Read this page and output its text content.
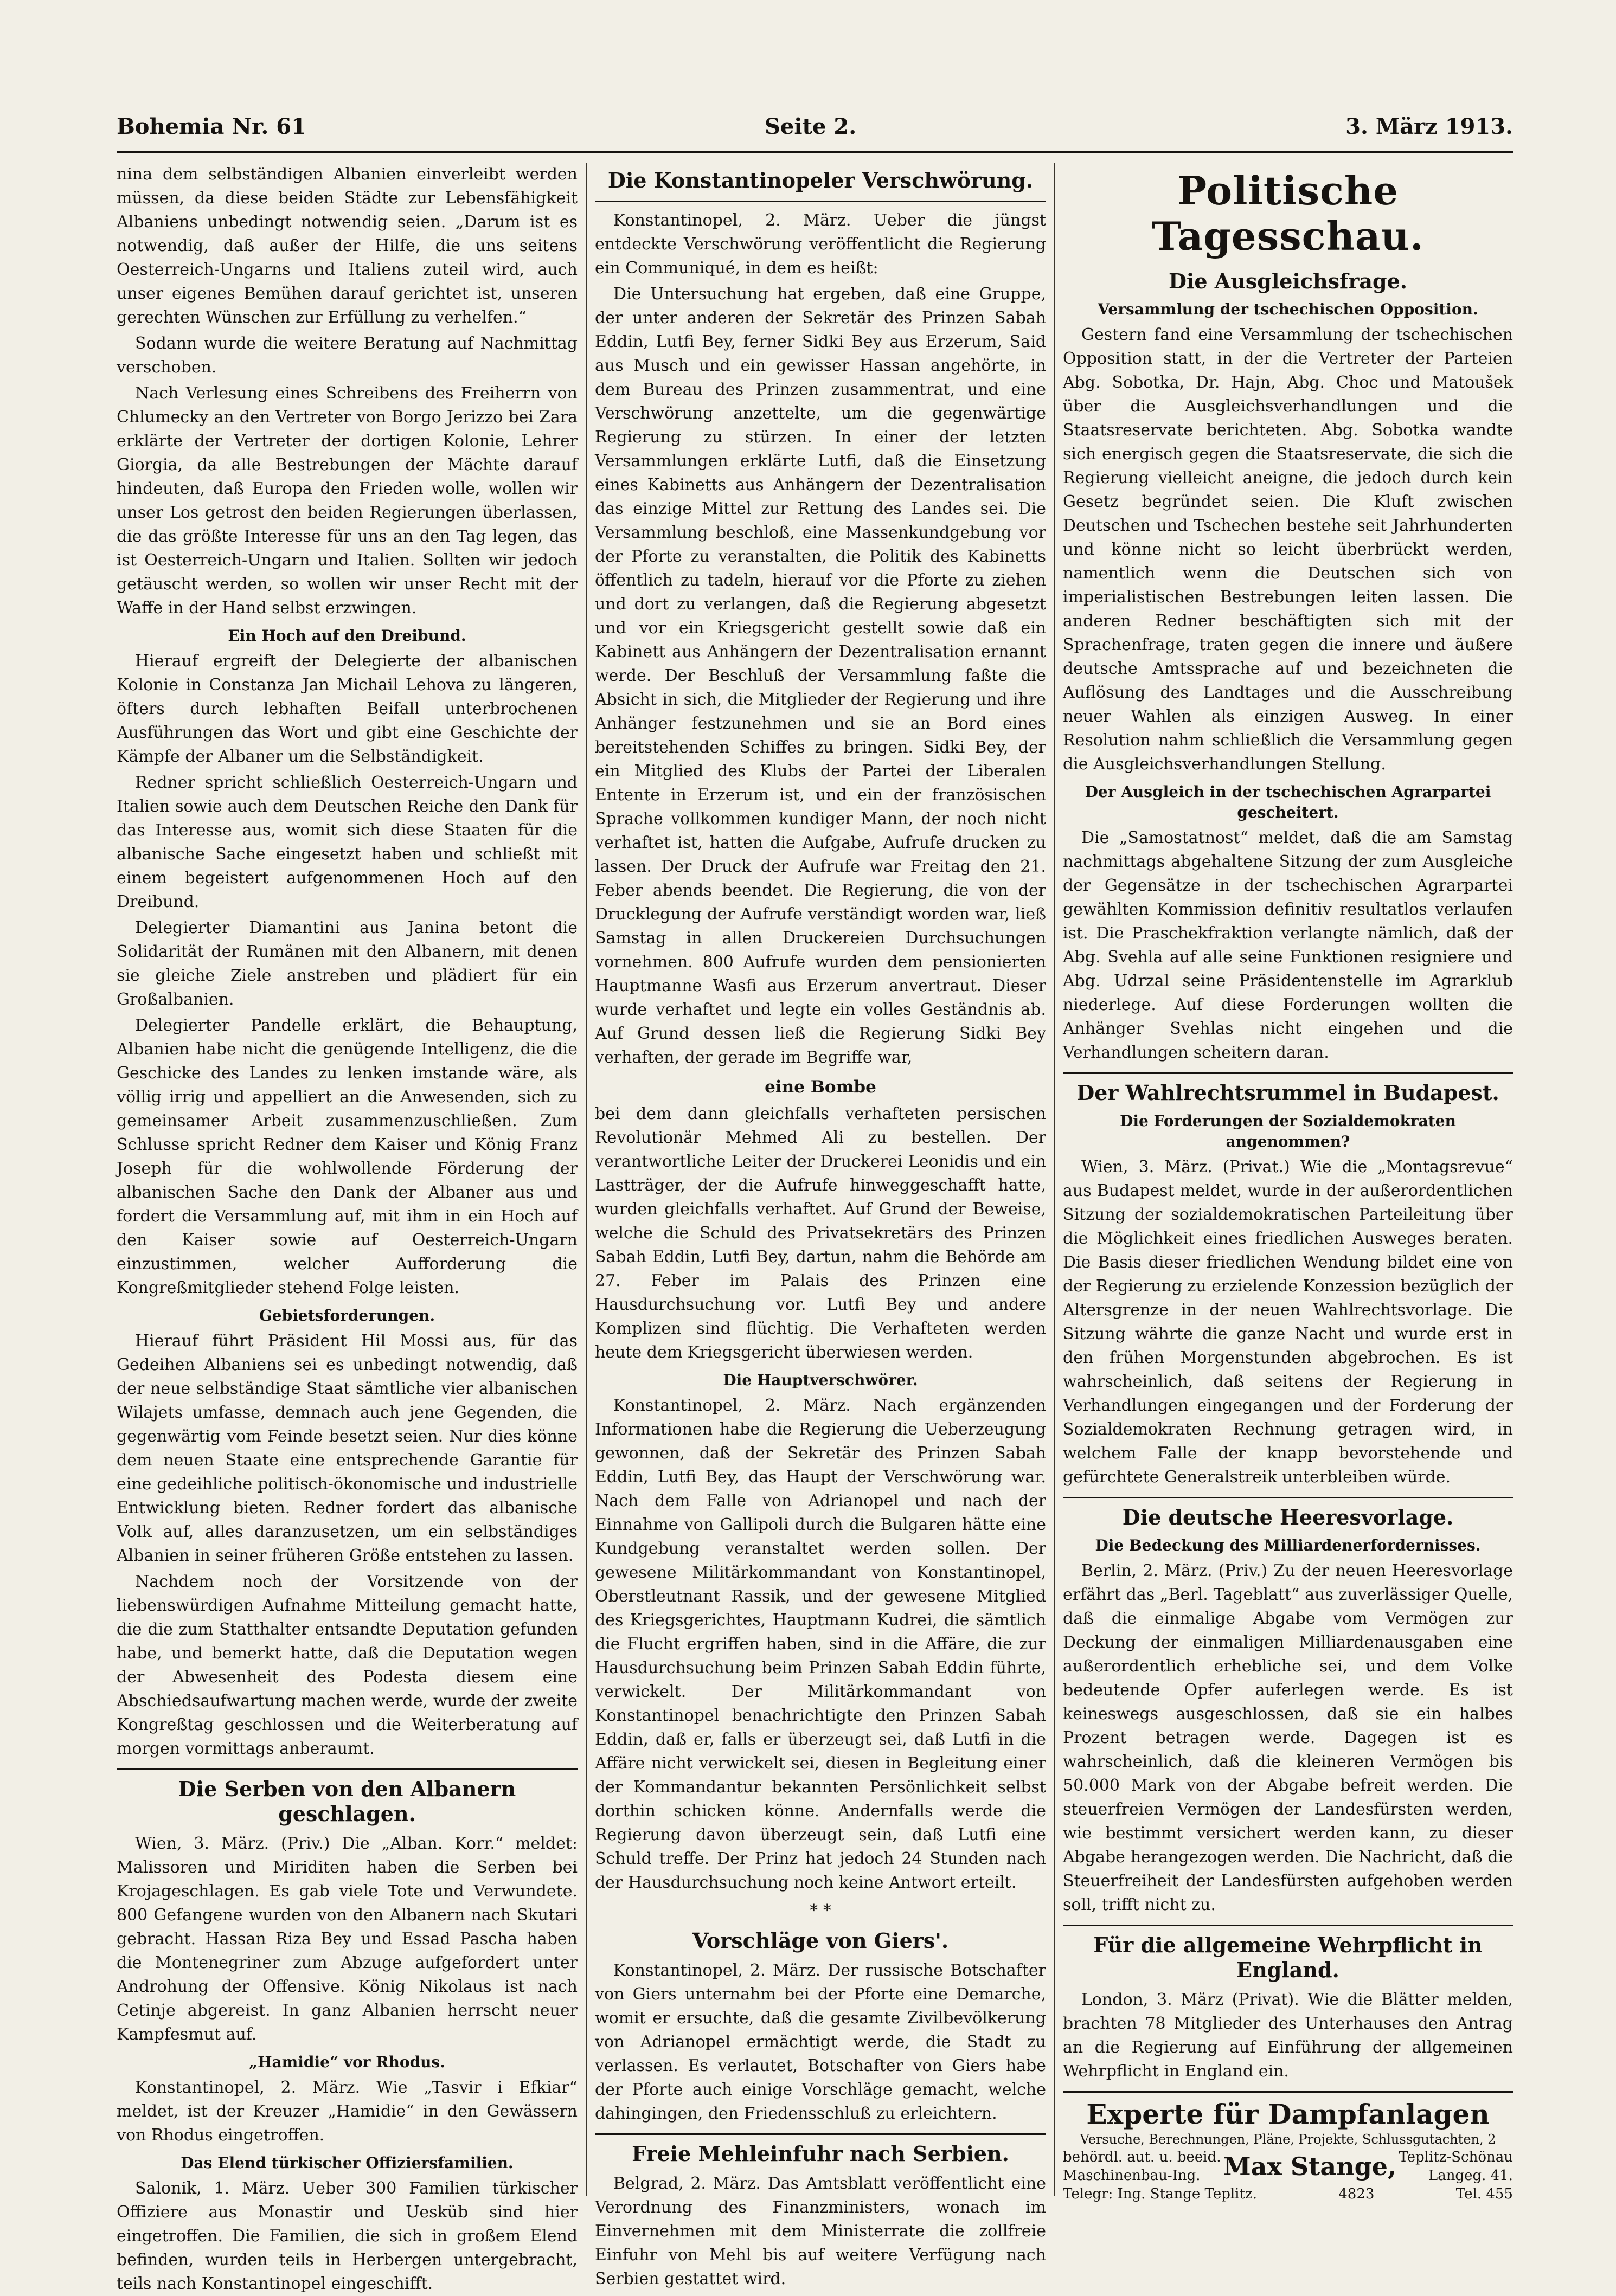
Bohemia Nr. 61	Seite 2.	3. März 1913.

nina dem selbständigen Albanien einverleibt werden müssen, da diese beiden Städte zur Lebensfähigkeit Albaniens unbedingt notwendig seien. „Darum ist es notwendig, daß außer der Hilfe, die uns seitens Oesterreich-Ungarns und Italiens zuteil wird, auch unser eigenes Bemühen darauf gerichtet ist, unseren gerechten Wünschen zur Erfüllung zu verhelfen.“

Sodann wurde die weitere Beratung auf Nachmittag verschoben.

Nach Verlesung eines Schreibens des Freiherrn von Chlumecky an den Vertreter von Borgo Jerizzo bei Zara erklärte der Vertreter der dortigen Kolonie, Lehrer Giorgia, da alle Bestrebungen der Mächte darauf hindeuten, daß Europa den Frieden wolle, wollen wir unser Los getrost den beiden Regierungen überlassen, die das größte Interesse für uns an den Tag legen, das ist Oesterreich-Ungarn und Italien. Sollten wir jedoch getäuscht werden, so wollen wir unser Recht mit der Waffe in der Hand selbst erzwingen.

Ein Hoch auf den Dreibund.

Hierauf ergreift der Delegierte der albanischen Kolonie in Constanza Jan Michail Lehova zu längeren, öfters durch lebhaften Beifall unterbrochenen Ausführungen das Wort und gibt eine Geschichte der Kämpfe der Albaner um die Selbständigkeit.

Redner spricht schließlich Oesterreich-Ungarn und Italien sowie auch dem Deutschen Reiche den Dank für das Interesse aus, womit sich diese Staaten für die albanische Sache eingesetzt haben und schließt mit einem begeistert aufgenommenen Hoch auf den Dreibund.

Delegierter Diamantini aus Janina betont die Solidarität der Rumänen mit den Albanern, mit denen sie gleiche Ziele anstreben und plädiert für ein Großalbanien.

Delegierter Pandelle erklärt, die Behauptung, Albanien habe nicht die genügende Intelligenz, die die Geschicke des Landes zu lenken imstande wäre, als völlig irrig und appelliert an die Anwesenden, sich zu gemeinsamer Arbeit zusammenzuschließen. Zum Schlusse spricht Redner dem Kaiser und König Franz Joseph für die wohlwollende Förderung der albanischen Sache den Dank der Albaner aus und fordert die Versammlung auf, mit ihm in ein Hoch auf den Kaiser sowie auf Oesterreich-Ungarn einzustimmen, welcher Aufforderung die Kongreßmitglieder stehend Folge leisten.

Gebietsforderungen.

Hierauf führt Präsident Hil Mossi aus, für das Gedeihen Albaniens sei es unbedingt notwendig, daß der neue selbständige Staat sämtliche vier albanischen Wilajets umfasse, demnach auch jene Gegenden, die gegenwärtig vom Feinde besetzt seien. Nur dies könne dem neuen Staate eine entsprechende Garantie für eine gedeihliche politisch-ökonomische und industrielle Entwicklung bieten. Redner fordert das albanische Volk auf, alles daranzusetzen, um ein selbständiges Albanien in seiner früheren Größe entstehen zu lassen.

Nachdem noch der Vorsitzende von der liebenswürdigen Aufnahme Mitteilung gemacht hatte, die die zum Statthalter entsandte Deputation gefunden habe, und bemerkt hatte, daß die Deputation wegen der Abwesenheit des Podesta diesem eine Abschiedsaufwartung machen werde, wurde der zweite Kongreßtag geschlossen und die Weiterberatung auf morgen vormittags anberaumt.

Die Serben von den Albanern geschlagen.

Wien, 3. März. (Priv.) Die „Alban. Korr.“ meldet: Malissoren und Miriditen haben die Serben bei Krojageschlagen. Es gab viele Tote und Verwundete. 800 Gefangene wurden von den Albanern nach Skutari gebracht. Hassan Riza Bey und Essad Pascha haben die Montenegriner zum Abzuge aufgefordert unter Androhung der Offensive. König Nikolaus ist nach Cetinje abgereist. In ganz Albanien herrscht neuer Kampfesmut auf.

„Hamidie“ vor Rhodus.

Konstantinopel, 2. März. Wie „Tasvir i Efkiar“ meldet, ist der Kreuzer „Hamidie“ in den Gewässern von Rhodus eingetroffen.

Das Elend türkischer Offiziersfamilien.

Salonik, 1. März. Ueber 300 Familien türkischer Offiziere aus Monastir und Uesküb sind hier eingetroffen. Die Familien, die sich in großem Elend befinden, wurden teils in Herbergen untergebracht, teils nach Konstantinopel eingeschifft.

Die Konstantinopeler Verschwörung.

Konstantinopel, 2. März. Ueber die jüngst entdeckte Verschwörung veröffentlicht die Regierung ein Communiqué, in dem es heißt:

Die Untersuchung hat ergeben, daß eine Gruppe, der unter anderen der Sekretär des Prinzen Sabah Eddin, Lutfi Bey, ferner Sidki Bey aus Erzerum, Said aus Musch und ein gewisser Hassan angehörte, in dem Bureau des Prinzen zusammentrat, und eine Verschwörung anzettelte, um die gegenwärtige Regierung zu stürzen. In einer der letzten Versammlungen erklärte Lutfi, daß die Einsetzung eines Kabinetts aus Anhängern der Dezentralisation das einzige Mittel zur Rettung des Landes sei. Die Versammlung beschloß, eine Massenkundgebung vor der Pforte zu veranstalten, die Politik des Kabinetts öffentlich zu tadeln, hierauf vor die Pforte zu ziehen und dort zu verlangen, daß die Regierung abgesetzt und vor ein Kriegsgericht gestellt sowie daß ein Kabinett aus Anhängern der Dezentralisation ernannt werde. Der Beschluß der Versammlung faßte die Absicht in sich, die Mitglieder der Regierung und ihre Anhänger festzunehmen und sie an Bord eines bereitstehenden Schiffes zu bringen. Sidki Bey, der ein Mitglied des Klubs der Partei der Liberalen Entente in Erzerum ist, und ein der französischen Sprache vollkommen kundiger Mann, der noch nicht verhaftet ist, hatten die Aufgabe, Aufrufe drucken zu lassen. Der Druck der Aufrufe war Freitag den 21. Feber abends beendet. Die Regierung, die von der Drucklegung der Aufrufe verständigt worden war, ließ Samstag in allen Druckereien Durchsuchungen vornehmen. 800 Aufrufe wurden dem pensionierten Hauptmanne Wasfi aus Erzerum anvertraut. Dieser wurde verhaftet und legte ein volles Geständnis ab. Auf Grund dessen ließ die Regierung Sidki Bey verhaften, der gerade im Begriffe war,

eine Bombe

bei dem dann gleichfalls verhafteten persischen Revolutionär Mehmed Ali zu bestellen. Der verantwortliche Leiter der Druckerei Leonidis und ein Lastträger, der die Aufrufe hinweggeschafft hatte, wurden gleichfalls verhaftet. Auf Grund der Beweise, welche die Schuld des Privatsekretärs des Prinzen Sabah Eddin, Lutfi Bey, dartun, nahm die Behörde am 27. Feber im Palais des Prinzen eine Hausdurchsuchung vor. Lutfi Bey und andere Komplizen sind flüchtig. Die Verhafteten werden heute dem Kriegsgericht überwiesen werden.

Die Hauptverschwörer.

Konstantinopel, 2. März. Nach ergänzenden Informationen habe die Regierung die Ueberzeugung gewonnen, daß der Sekretär des Prinzen Sabah Eddin, Lutfi Bey, das Haupt der Verschwörung war. Nach dem Falle von Adrianopel und nach der Einnahme von Gallipoli durch die Bulgaren hätte eine Kundgebung veranstaltet werden sollen. Der gewesene Militärkommandant von Konstantinopel, Oberstleutnant Rassik, und der gewesene Mitglied des Kriegsgerichtes, Hauptmann Kudrei, die sämtlich die Flucht ergriffen haben, sind in die Affäre, die zur Hausdurchsuchung beim Prinzen Sabah Eddin führte, verwickelt. Der Militärkommandant von Konstantinopel benachrichtigte den Prinzen Sabah Eddin, daß er, falls er überzeugt sei, daß Lutfi in die Affäre nicht verwickelt sei, diesen in Begleitung einer der Kommandantur bekannten Persönlichkeit selbst dorthin schicken könne. Andernfalls werde die Regierung davon überzeugt sein, daß Lutfi eine Schuld treffe. Der Prinz hat jedoch 24 Stunden nach der Hausdurchsuchung noch keine Antwort erteilt.

* *
Vorschläge von Giers'.

Konstantinopel, 2. März. Der russische Botschafter von Giers unternahm bei der Pforte eine Demarche, womit er ersuchte, daß die gesamte Zivilbevölkerung von Adrianopel ermächtigt werde, die Stadt zu verlassen. Es verlautet, Botschafter von Giers habe der Pforte auch einige Vorschläge gemacht, welche dahingingen, den Friedensschluß zu erleichtern.

Freie Mehleinfuhr nach Serbien.

Belgrad, 2. März. Das Amtsblatt veröffentlicht eine Verordnung des Finanzministers, wonach im Einvernehmen mit dem Ministerrate die zollfreie Einfuhr von Mehl bis auf weitere Verfügung nach Serbien gestattet wird.

Politische Tagesschau.
Die Ausgleichsfrage.
Versammlung der tschechischen Opposition.

Gestern fand eine Versammlung der tschechischen Opposition statt, in der die Vertreter der Parteien Abg. Sobotka, Dr. Hajn, Abg. Choc und Matoušek über die Ausgleichsverhandlungen und die Staatsreservate berichteten. Abg. Sobotka wandte sich energisch gegen die Staatsreservate, die sich die Regierung vielleicht aneigne, die jedoch durch kein Gesetz begründet seien. Die Kluft zwischen Deutschen und Tschechen bestehe seit Jahrhunderten und könne nicht so leicht überbrückt werden, namentlich wenn die Deutschen sich von imperialistischen Bestrebungen leiten lassen. Die anderen Redner beschäftigten sich mit der Sprachenfrage, traten gegen die innere und äußere deutsche Amtssprache auf und bezeichneten die Auflösung des Landtages und die Ausschreibung neuer Wahlen als einzigen Ausweg. In einer Resolution nahm schließlich die Versammlung gegen die Ausgleichsverhandlungen Stellung.

Der Ausgleich in der tschechischen Agrarpartei gescheitert.

Die „Samostatnost“ meldet, daß die am Samstag nachmittags abgehaltene Sitzung der zum Ausgleiche der Gegensätze in der tschechischen Agrarpartei gewählten Kommission definitiv resultatlos verlaufen ist. Die Praschekfraktion verlangte nämlich, daß der Abg. Svehla auf alle seine Funktionen resigniere und Abg. Udrzal seine Präsidentenstelle im Agrarklub niederlege. Auf diese Forderungen wollten die Anhänger Svehlas nicht eingehen und die Verhandlungen scheitern daran.

Der Wahlrechtsrummel in Budapest.
Die Forderungen der Sozialdemokraten angenommen?

Wien, 3. März. (Privat.) Wie die „Montagsrevue“ aus Budapest meldet, wurde in der außerordentlichen Sitzung der sozialdemokratischen Parteileitung über die Möglichkeit eines friedlichen Ausweges beraten. Die Basis dieser friedlichen Wendung bildet eine von der Regierung zu erzielende Konzession bezüglich der Altersgrenze in der neuen Wahlrechtsvorlage. Die Sitzung währte die ganze Nacht und wurde erst in den frühen Morgenstunden abgebrochen. Es ist wahrscheinlich, daß seitens der Regierung in Verhandlungen eingegangen und der Forderung der Sozialdemokraten Rechnung getragen wird, in welchem Falle der knapp bevorstehende und gefürchtete Generalstreik unterbleiben würde.

Die deutsche Heeresvorlage.
Die Bedeckung des Milliardenerfordernisses.

Berlin, 2. März. (Priv.) Zu der neuen Heeresvorlage erfährt das „Berl. Tageblatt“ aus zuverlässiger Quelle, daß die einmalige Abgabe vom Vermögen zur Deckung der einmaligen Milliardenausgaben eine außerordentlich erhebliche sei, und dem Volke bedeutende Opfer auferlegen werde. Es ist keineswegs ausgeschlossen, daß sie ein halbes Prozent betragen werde. Dagegen ist es wahrscheinlich, daß die kleineren Vermögen bis 50.000 Mark von der Abgabe befreit werden. Die steuerfreien Vermögen der Landesfürsten werden, wie bestimmt versichert werden kann, zu dieser Abgabe herangezogen werden. Die Nachricht, daß die Steuerfreiheit der Landesfürsten aufgehoben werden soll, trifft nicht zu.

Für die allgemeine Wehrpflicht in England.

London, 3. März (Privat). Wie die Blätter melden, brachten 78 Mitglieder des Unterhauses den Antrag an die Regierung auf Einführung der allgemeinen Wehrpflicht in England ein.

Experte für Dampfanlagen
Versuche, Berechnungen, Pläne, Projekte, Schlussgutachten, 2
behördl. aut. u. beeid.
Maschinenbau-Ing. Max Stange, Teplitz-Schönau
Langeg. 41.
Telegr: Ing. Stange Teplitz.	4823	Tel. 455
